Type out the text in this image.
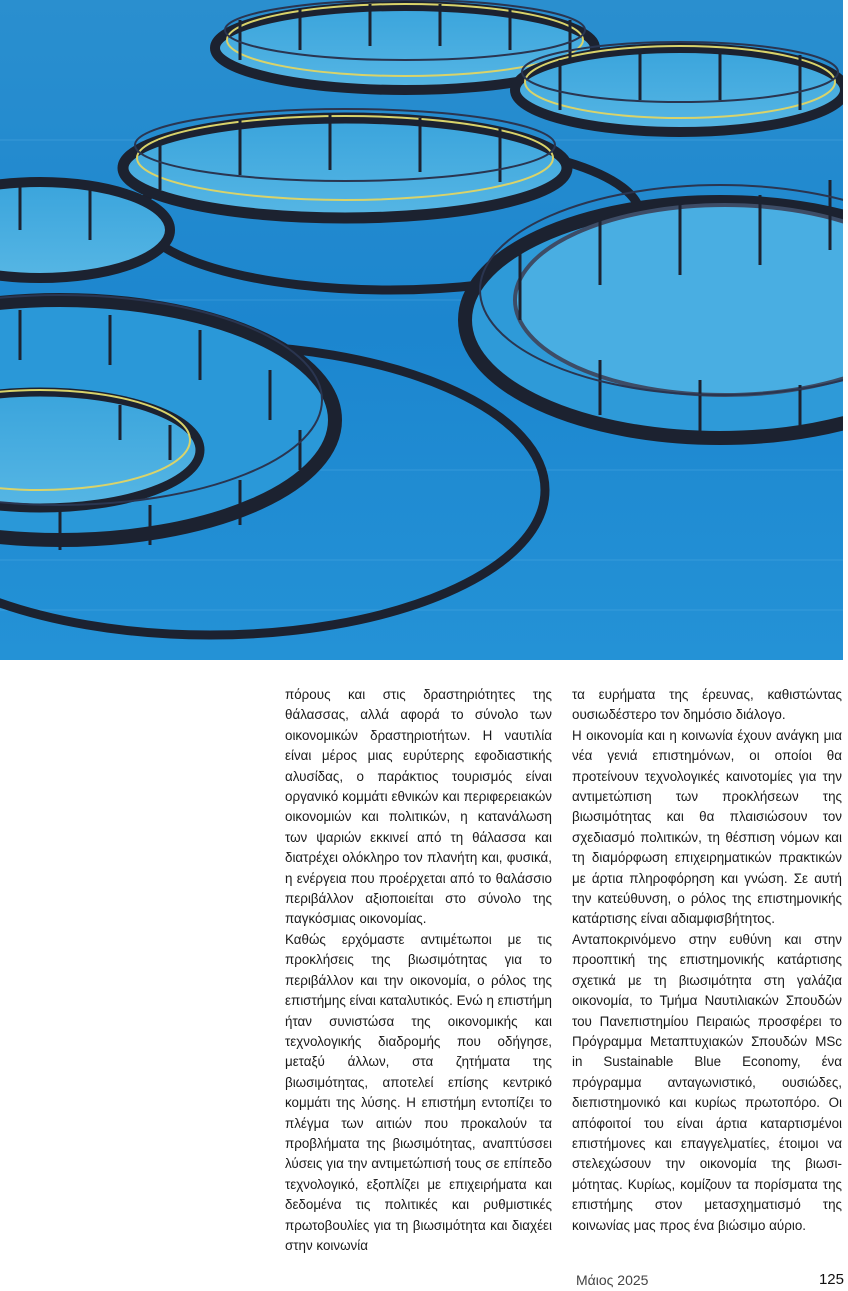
πόρους και στις δραστηριότητες της θάλασσας, αλλά αφορά το σύνολο των οικονομικών δραστηριοτήτων. Η ναυτιλία είναι μέρος μιας ευρύτερης εφοδιαστικής αλυσίδας, ο παράκτιος τουρισμός είναι οργανικό κομμάτι εθνικών και περιφερειακών οικονομιών και πολιτικών, η κατανάλωση των ψαριών εκκινεί από τη θάλασσα και διατρέχει ολόκληρο τον πλανήτη και, φυσικά, η ενέργεια που προέρχεται από το θαλάσσιο περιβάλλον αξιοποιείται στο σύνολο της παγκόσμιας οικονομίας.

Καθώς ερχόμαστε αντιμέτωποι με τις προκλήσεις της βιωσιμότητας για το περιβάλλον και την οικονομία, ο ρόλος της επιστήμης είναι καταλυτικός. Ενώ η επιστήμη ήταν συνιστώσα της οικονομικής και τεχνολογικής διαδρομής που οδήγησε, μεταξύ άλλων, στα ζητήματα της βιωσιμότητας, αποτελεί επίσης κεντρικό κομμάτι της λύσης. Η επιστήμη εντοπίζει το πλέγμα των αιτιών που προκαλούν τα προβλήματα της βιωσιμότητας, αναπτύσσει λύσεις για την αντιμετώπισή τους σε επίπεδο τεχνολογικό, εξοπλίζει με επιχειρήματα και δεδομένα τις πολιτικές και ρυθμιστικές πρωτοβουλίες για τη βιωσιμότητα και διαχέει στην κοινωνία

τα ευρήματα της έρευνας, καθιστώντας ουσιωδέστερο τον δημόσιο διάλογο.

Η οικονομία και η κοινωνία έχουν ανάγκη μια νέα γενιά επιστημόνων, οι οποίοι θα προτείνουν τεχνολογικές καινοτομίες για την αντιμετώπιση των προκλήσεων της βιωσιμότητας και θα πλαισιώσουν τον σχεδιασμό πολιτικών, τη θέσπιση νόμων και τη διαμόρφωση επιχειρηματικών πρακτικών με άρτια πληροφόρηση και γνώση. Σε αυτή την κατεύθυνση, ο ρόλος της επιστημονικής κατάρτισης είναι αδιαμφισβήτητος.

Ανταποκρινόμενο στην ευθύνη και στην προοπτική της επιστημονικής κατάρτισης σχετικά με τη βιωσιμότητα στη γαλάζια οικονομία, το Τμήμα Ναυτιλιακών Σπουδών του Πανεπιστημίου Πειραιώς προσφέρει το Πρόγραμμα Μεταπτυχιακών Σπουδών MSc in Sustainable Blue Economy, ένα πρόγραμμα ανταγωνιστικό, ουσιώδες, διεπιστημονικό και κυρίως πρωτοπόρο. Οι απόφοιτοί του είναι άρτια καταρτισμένοι επιστήμονες και επαγγελματίες, έτοιμοι να στελεχώσουν την οικονομία της βιωσιμότητας. Κυρίως, κομίζουν τα πορίσματα της επιστήμης στον μετασχηματισμό της κοινωνίας μας προς ένα βιώσιμο αύριο.

Μάιος 2025	125
